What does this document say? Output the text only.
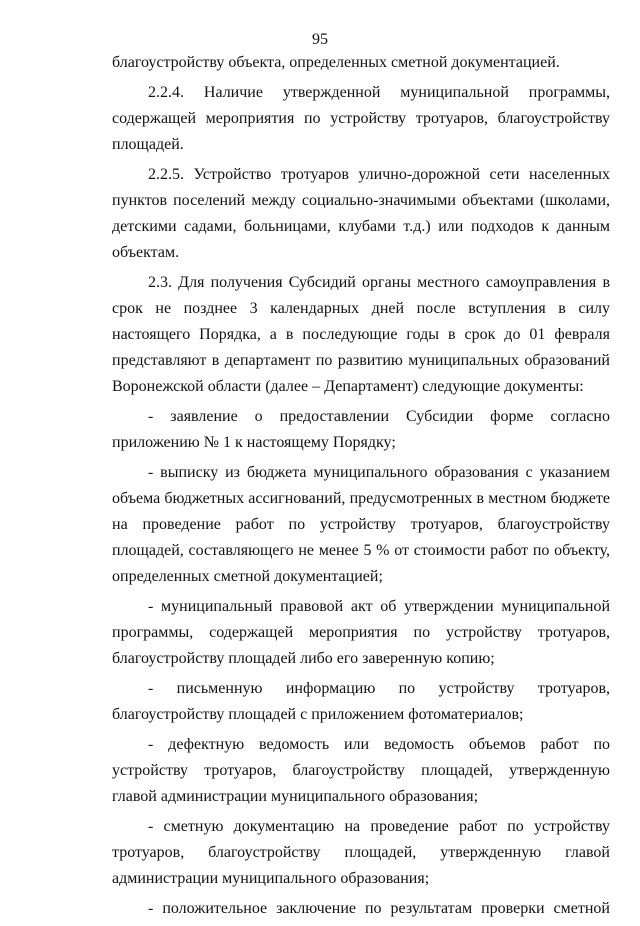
95

благоустройству объекта, определенных сметной документацией.

2.2.4. Наличие утвержденной муниципальной программы, содержащей мероприятия по устройству тротуаров, благоустройству площадей.

2.2.5. Устройство тротуаров улично-дорожной сети населенных пунктов поселений между социально-значимыми объектами (школами, детскими садами, больницами, клубами т.д.) или подходов к данным объектам.

2.3. Для получения Субсидий органы местного самоуправления в срок не позднее 3 календарных дней после вступления в силу настоящего Порядка, а в последующие годы в срок до 01 февраля представляют в департамент по развитию муниципальных образований Воронежской области (далее – Департамент) следующие документы:

- заявление о предоставлении Субсидии форме согласно приложению № 1 к настоящему Порядку;

- выписку из бюджета муниципального образования с указанием объема бюджетных ассигнований, предусмотренных в местном бюджете на проведение работ по устройству тротуаров, благоустройству площадей, составляющего не менее 5 % от стоимости работ по объекту, определенных сметной документацией;

- муниципальный правовой акт об утверждении муниципальной программы, содержащей мероприятия по устройству тротуаров, благоустройству площадей либо его заверенную копию;

- письменную информацию по устройству тротуаров, благоустройству площадей с приложением фотоматериалов;

- дефектную ведомость или ведомость объемов работ по устройству тротуаров, благоустройству площадей, утвержденную главой администрации муниципального образования;

- сметную документацию на проведение работ по устройству тротуаров, благоустройству площадей, утвержденную главой администрации муниципального образования;

- положительное заключение по результатам проверки сметной
